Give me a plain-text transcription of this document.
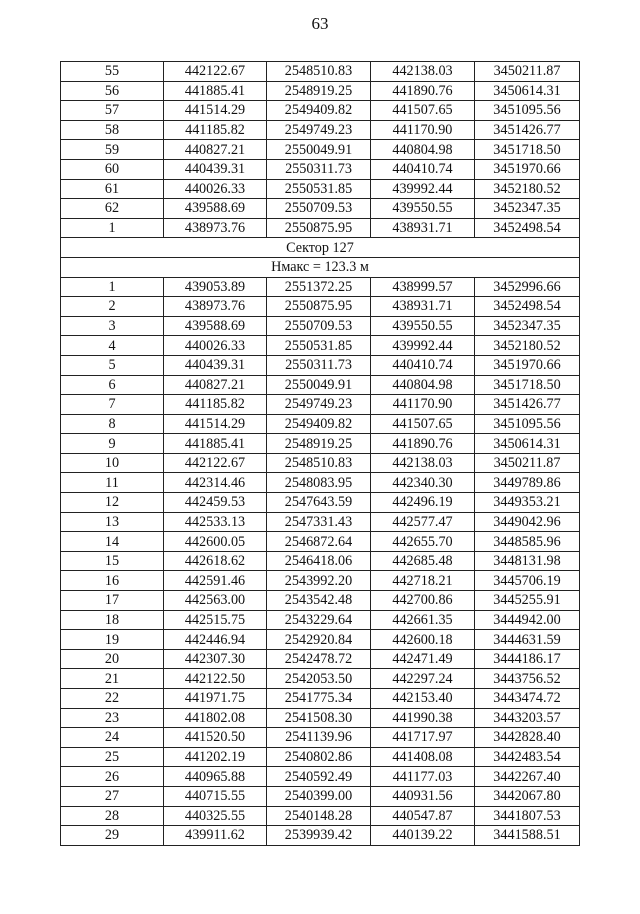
63
55	442122.67	2548510.83	442138.03	3450211.87
56	441885.41	2548919.25	441890.76	3450614.31
57	441514.29	2549409.82	441507.65	3451095.56
58	441185.82	2549749.23	441170.90	3451426.77
59	440827.21	2550049.91	440804.98	3451718.50
60	440439.31	2550311.73	440410.74	3451970.66
61	440026.33	2550531.85	439992.44	3452180.52
62	439588.69	2550709.53	439550.55	3452347.35
1	438973.76	2550875.95	438931.71	3452498.54
Сектор 127				
Нмакс = 123.3 м				
1	439053.89	2551372.25	438999.57	3452996.66
2	438973.76	2550875.95	438931.71	3452498.54
3	439588.69	2550709.53	439550.55	3452347.35
4	440026.33	2550531.85	439992.44	3452180.52
5	440439.31	2550311.73	440410.74	3451970.66
6	440827.21	2550049.91	440804.98	3451718.50
7	441185.82	2549749.23	441170.90	3451426.77
8	441514.29	2549409.82	441507.65	3451095.56
9	441885.41	2548919.25	441890.76	3450614.31
10	442122.67	2548510.83	442138.03	3450211.87
11	442314.46	2548083.95	442340.30	3449789.86
12	442459.53	2547643.59	442496.19	3449353.21
13	442533.13	2547331.43	442577.47	3449042.96
14	442600.05	2546872.64	442655.70	3448585.96
15	442618.62	2546418.06	442685.48	3448131.98
16	442591.46	2543992.20	442718.21	3445706.19
17	442563.00	2543542.48	442700.86	3445255.91
18	442515.75	2543229.64	442661.35	3444942.00
19	442446.94	2542920.84	442600.18	3444631.59
20	442307.30	2542478.72	442471.49	3444186.17
21	442122.50	2542053.50	442297.24	3443756.52
22	441971.75	2541775.34	442153.40	3443474.72
23	441802.08	2541508.30	441990.38	3443203.57
24	441520.50	2541139.96	441717.97	3442828.40
25	441202.19	2540802.86	441408.08	3442483.54
26	440965.88	2540592.49	441177.03	3442267.40
27	440715.55	2540399.00	440931.56	3442067.80
28	440325.55	2540148.28	440547.87	3441807.53
29	439911.62	2539939.42	440139.22	3441588.51
